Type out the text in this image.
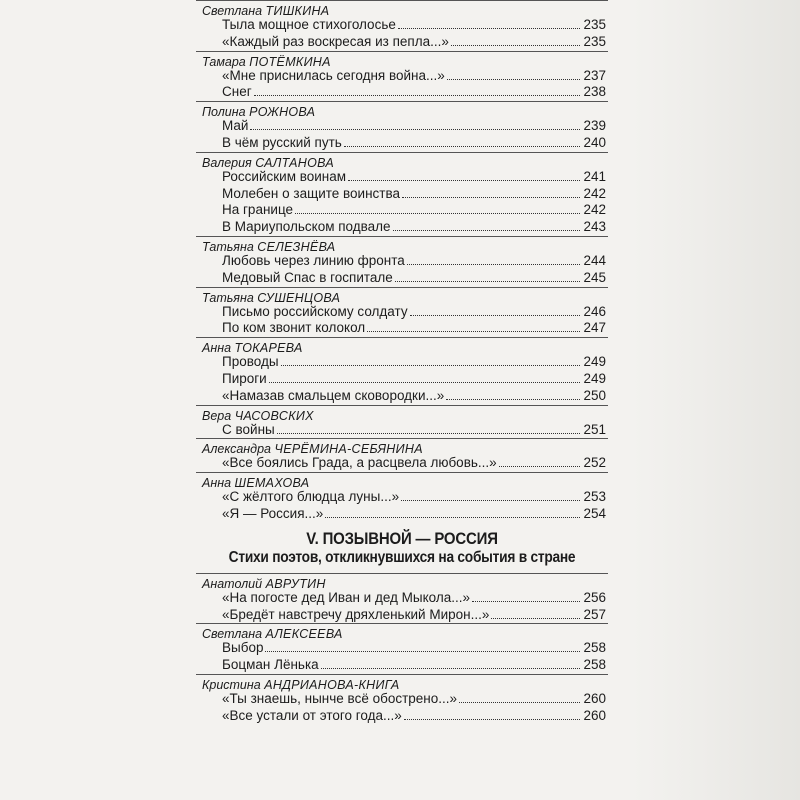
Светлана ТИШКИНА
Тыла мощное стихоголосье	235
«Каждый раз воскресая из пепла...»	235
Тамара ПОТЁМКИНА
«Мне приснилась сегодня война...»	237
Снег	238
Полина РОЖНОВА
Май	239
В чём русский путь	240
Валерия САЛТАНОВА
Российским воинам	241
Молебен о защите воинства	242
На границе	242
В Мариупольском подвале	243
Татьяна СЕЛЕЗНЁВА
Любовь через линию фронта	244
Медовый Спас в госпитале	245
Татьяна СУШЕНЦОВА
Письмо российскому солдату	246
По ком звонит колокол	247
Анна ТОКАРЕВА
Проводы	249
Пироги	249
«Намазав смальцем сковородки...»	250
Вера ЧАСОВСКИХ
С войны	251
Александра ЧЕРЁМИНА-СЕБЯНИНА
«Все боялись Града, а расцвела любовь...»	252
Анна ШЕМАХОВА
«С жёлтого блюдца луны...»	253
«Я — Россия...»	254
V. ПОЗЫВНОЙ — РОССИЯ
Стихи поэтов, откликнувшихся на события в стране
Анатолий АВРУТИН
«На погосте дед Иван и дед Мыкола...»	256
«Бредёт навстречу дряхленький Мирон...»	257
Светлана АЛЕКСЕЕВА
Выбор	258
Боцман Лёнька	258
Кристина АНДРИАНОВА-КНИГА
«Ты знаешь, нынче всё обострено...»	260
«Все устали от этого года...»	260
